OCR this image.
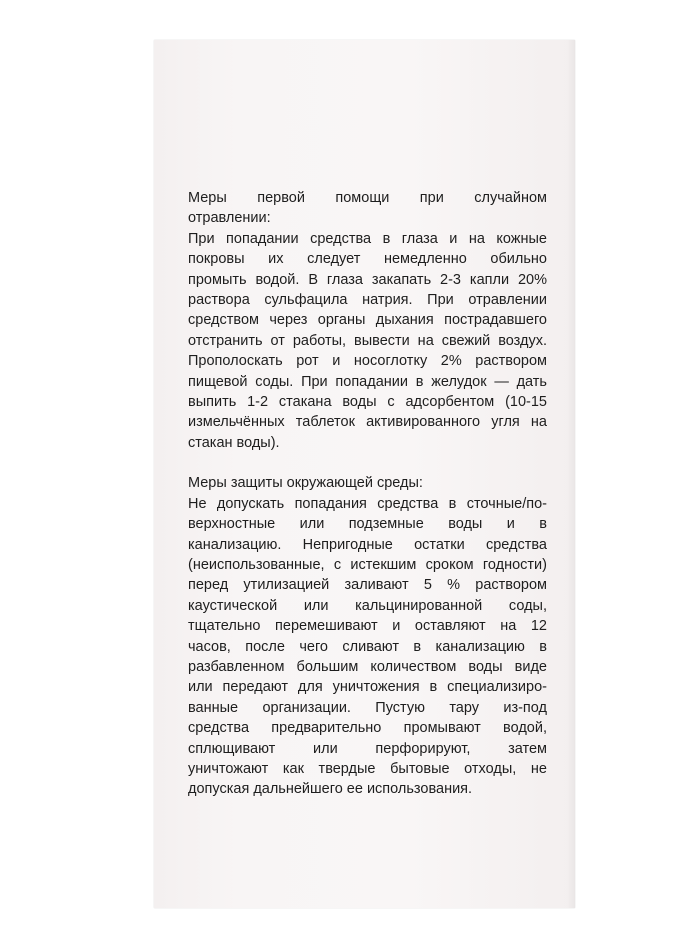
Меры первой помощи при случайном
отравлении:
При попадании средства в глаза и на кожные
покровы их следует немедленно обильно
промыть водой. В глаза закапать 2-3 капли 20%
раствора сульфацила натрия. При отравлении
средством через органы дыхания пострадавшего
отстранить от работы, вывести на свежий воздух.
Прополоскать рот и носоглотку 2% раствором
пищевой соды. При попадании в желудок — дать
выпить 1-2 стакана воды с адсорбентом (10-15
измельчённых таблеток активированного угля на
стакан воды).
Меры защиты окружающей среды:
Не допускать попадания средства в сточные/по-
верхностные или подземные воды и в
канализацию. Непригодные остатки средства
(неиспользованные, с истекшим сроком годности)
перед утилизацией заливают 5 % раствором
каустической или кальцинированной соды,
тщательно перемешивают и оставляют на 12
часов, после чего сливают в канализацию в
разбавленном большим количеством воды виде
или передают для уничтожения в специализиро-
ванные организации. Пустую тару из-под
средства предварительно промывают водой,
сплющивают или перфорируют, затем
уничтожают как твердые бытовые отходы, не
допуская дальнейшего ее использования.
